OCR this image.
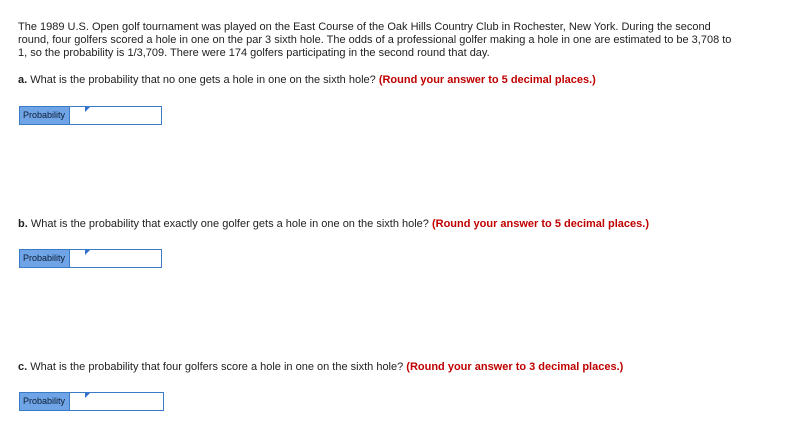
The 1989 U.S. Open golf tournament was played on the East Course of the Oak Hills Country Club in Rochester, New York. During the second round, four golfers scored a hole in one on the par 3 sixth hole. The odds of a professional golfer making a hole in one are estimated to be 3,708 to 1, so the probability is 1/3,709. There were 174 golfers participating in the second round that day.

a. What is the probability that no one gets a hole in one on the sixth hole? (Round your answer to 5 decimal places.)

Probability

b. What is the probability that exactly one golfer gets a hole in one on the sixth hole? (Round your answer to 5 decimal places.)

Probability

c. What is the probability that four golfers score a hole in one on the sixth hole? (Round your answer to 3 decimal places.)

Probability
